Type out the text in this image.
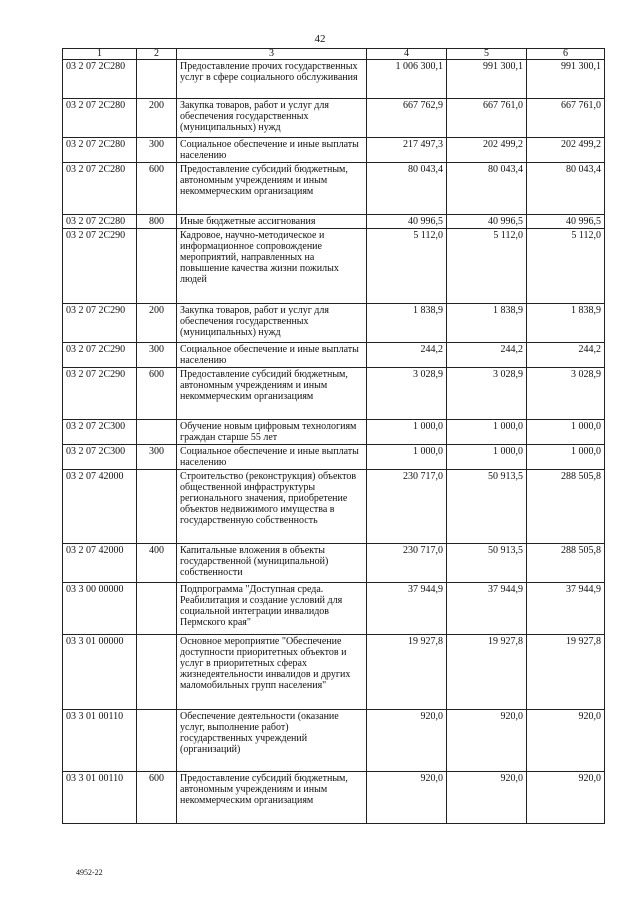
42
1	2	3	4	5	6
03 2 07 2С280		Предоставление прочих государственных услуг в сфере социального обслуживания	1 006 300,1	991 300,1	991 300,1
03 2 07 2С280	200	Закупка товаров, работ и услуг для обеспечения государственных (муниципальных) нужд	667 762,9	667 761,0	667 761,0
03 2 07 2С280	300	Социальное обеспечение и иные выплаты населению	217 497,3	202 499,2	202 499,2
03 2 07 2С280	600	Предоставление субсидий бюджетным, автономным учреждениям и иным некоммерческим организациям	80 043,4	80 043,4	80 043,4
03 2 07 2С280	800	Иные бюджетные ассигнования	40 996,5	40 996,5	40 996,5
03 2 07 2С290		Кадровое, научно-методическое и информационное сопровождение мероприятий, направленных на повышение качества жизни пожилых людей	5 112,0	5 112,0	5 112,0
03 2 07 2С290	200	Закупка товаров, работ и услуг для обеспечения государственных (муниципальных) нужд	1 838,9	1 838,9	1 838,9
03 2 07 2С290	300	Социальное обеспечение и иные выплаты населению	244,2	244,2	244,2
03 2 07 2С290	600	Предоставление субсидий бюджетным, автономным учреждениям и иным некоммерческим организациям	3 028,9	3 028,9	3 028,9
03 2 07 2С300		Обучение новым цифровым технологиям граждан старше 55 лет	1 000,0	1 000,0	1 000,0
03 2 07 2С300	300	Социальное обеспечение и иные выплаты населению	1 000,0	1 000,0	1 000,0
03 2 07 42000		Строительство (реконструкция) объектов общественной инфраструктуры регионального значения, приобретение объектов недвижимого имущества в государственную собственность	230 717,0	50 913,5	288 505,8
03 2 07 42000	400	Капитальные вложения в объекты государственной (муниципальной) собственности	230 717,0	50 913,5	288 505,8
03 3 00 00000		Подпрограмма "Доступная среда. Реабилитация и создание условий для социальной интеграции инвалидов Пермского края"	37 944,9	37 944,9	37 944,9
03 3 01 00000		Основное мероприятие "Обеспечение доступности приоритетных объектов и услуг в приоритетных сферах жизнедеятельности инвалидов и других маломобильных групп населения"	19 927,8	19 927,8	19 927,8
03 3 01 00110		Обеспечение деятельности (оказание услуг, выполнение работ) государственных учреждений (организаций)	920,0	920,0	920,0
03 3 01 00110	600	Предоставление субсидий бюджетным, автономным учреждениям и иным некоммерческим организациям	920,0	920,0	920,0
4952-22
